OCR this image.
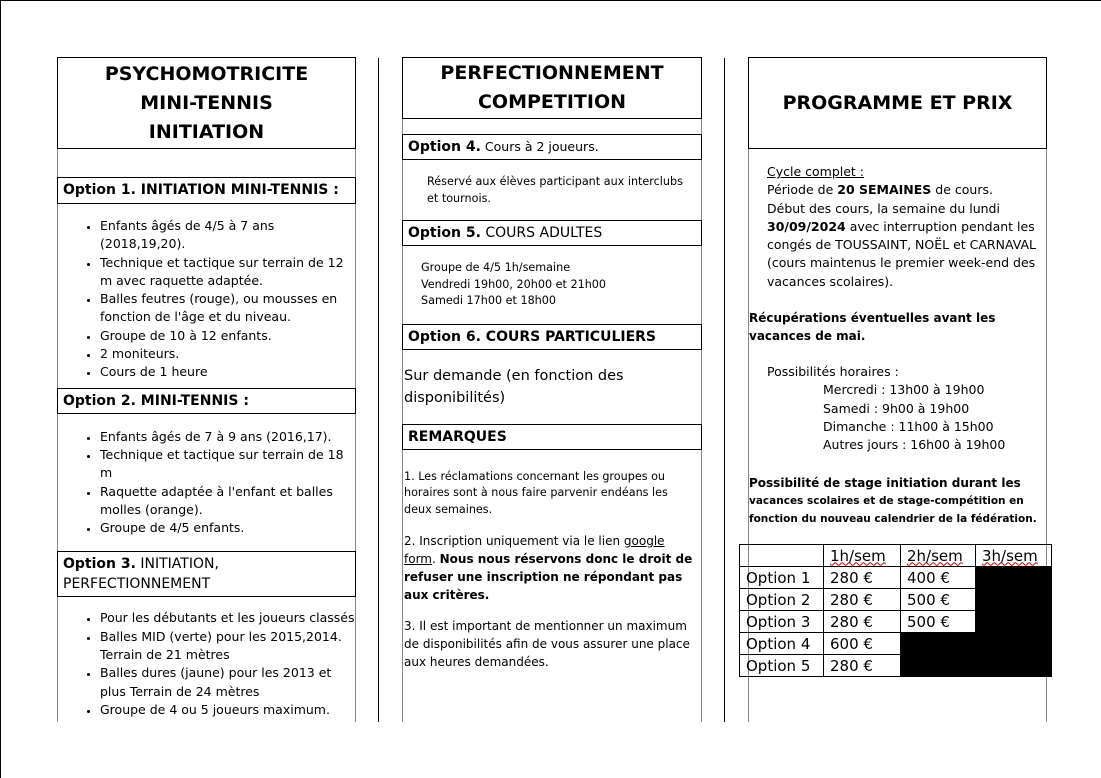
PSYCHOMOTRICITE
MINI-TENNIS
INITIATION
Option 1. INITIATION MINI-TENNIS :
• Enfants âgés de 4/5 à 7 ans (2018,19,20).
• Technique et tactique sur terrain de 12 m avec raquette adaptée.
• Balles feutres (rouge), ou mousses en fonction de l'âge et du niveau.
• Groupe de 10 à 12 enfants.
• 2 moniteurs.
• Cours de 1 heure
Option 2. MINI-TENNIS :
• Enfants âgés de 7 à 9 ans (2016,17).
• Technique et tactique sur terrain de 18 m
• Raquette adaptée à l'enfant et balles molles (orange).
• Groupe de 4/5 enfants.
Option 3. INITIATION, PERFECTIONNEMENT
• Pour les débutants et les joueurs classés
• Balles MID (verte) pour les 2015,2014. Terrain de 21 mètres
• Balles dures (jaune) pour les 2013 et plus Terrain de 24 mètres
• Groupe de 4 ou 5 joueurs maximum.
PERFECTIONNEMENT
COMPETITION
Option 4. Cours à 2 joueurs.
Réservé aux élèves participant aux interclubs et tournois.
Option 5. COURS ADULTES
Groupe de 4/5 1h/semaine
Vendredi 19h00, 20h00 et 21h00
Samedi 17h00 et 18h00
Option 6. COURS PARTICULIERS
Sur demande (en fonction des disponibilités)
REMARQUES
1. Les réclamations concernant les groupes ou horaires sont à nous faire parvenir endéans les deux semaines.
2. Inscription uniquement via le lien google form. Nous nous réservons donc le droit de refuser une inscription ne répondant pas aux critères.
3. Il est important de mentionner un maximum de disponibilités afin de vous assurer une place aux heures demandées.
PROGRAMME ET PRIX
Cycle complet :
Période de 20 SEMAINES de cours.
Début des cours, la semaine du lundi
30/09/2024 avec interruption pendant les congés de TOUSSAINT, NOËL et CARNAVAL (cours maintenus le premier week-end des vacances scolaires).
Récupérations éventuelles avant les vacances de mai.
Possibilités horaires :
Mercredi : 13h00 à 19h00
Samedi : 9h00 à 19h00
Dimanche : 11h00 à 15h00
Autres jours : 16h00 à 19h00
Possibilité de stage initiation durant les
vacances scolaires et de stage-compétition en fonction du nouveau calendrier de la fédération.
	1h/sem	2h/sem	3h/sem
Option 1	280 €	400 €	
Option 2	280 €	500 €	
Option 3	280 €	500 €	
Option 4	600 €		
Option 5	280 €		
